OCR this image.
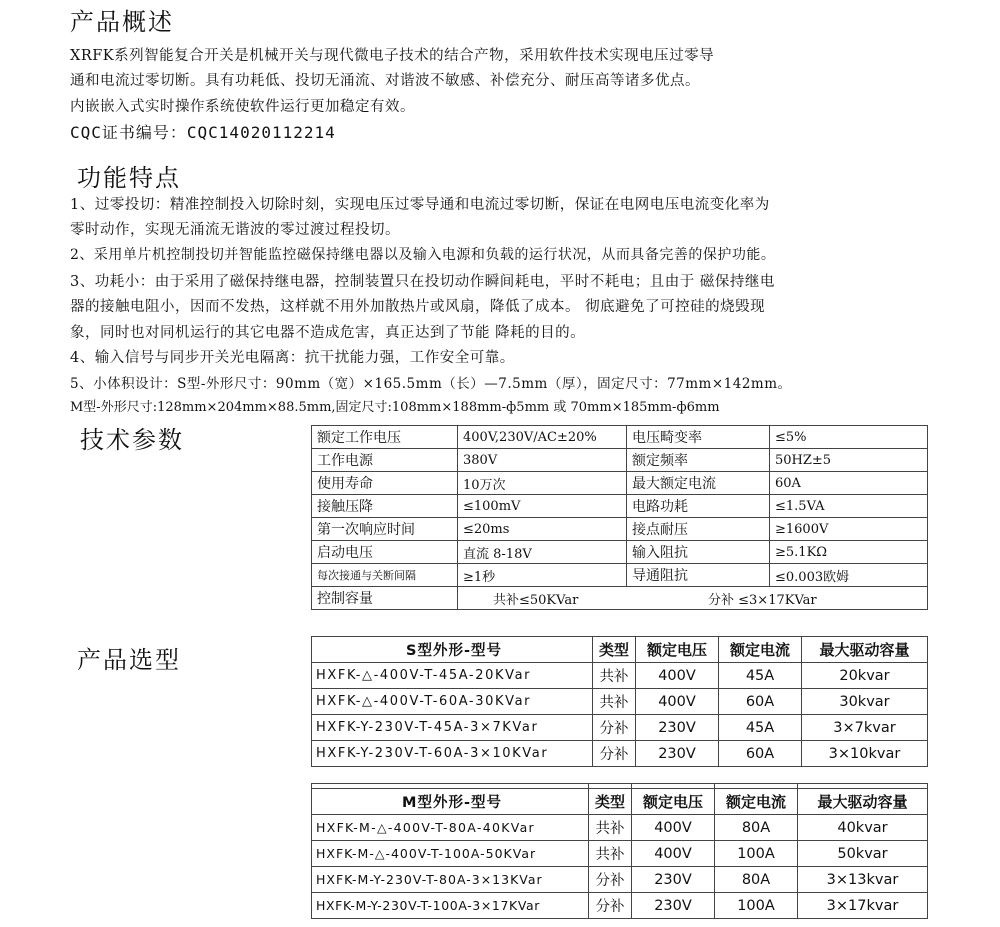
产品概述
XRFK系列智能复合开关是机械开关与现代微电子技术的结合产物，采用软件技术实现电压过零导
通和电流过零切断。具有功耗低、投切无涌流、对谐波不敏感、补偿充分、耐压高等诸多优点。
内嵌嵌入式实时操作系统使软件运行更加稳定有效。
CQC证书编号：CQC14020112214
功能特点
1、过零投切：精准控制投入切除时刻，实现电压过零导通和电流过零切断，保证在电网电压电流变化率为
零时动作，实现无涌流无谐波的零过渡过程投切。
2、采用单片机控制投切并智能监控磁保持继电器以及输入电源和负载的运行状况，从而具备完善的保护功能。
3、功耗小：由于采用了磁保持继电器，控制装置只在投切动作瞬间耗电，平时不耗电；且由于 磁保持继电
器的接触电阻小，因而不发热，这样就不用外加散热片或风扇，降低了成本。 彻底避免了可控硅的烧毁现
象，同时也对同机运行的其它电器不造成危害，真正达到了节能 降耗的目的。
4、输入信号与同步开关光电隔离：抗干扰能力强，工作安全可靠。
5、小体积设计：S型-外形尺寸：90mm（宽）×165.5mm（长）—7.5mm（厚），固定尺寸：77mm×142mm。
M型-外形尺寸:128mm×204mm×88.5mm,固定尺寸:108mm×188mm-ф5mm 或 70mm×185mm-ф6mm
技术参数	额定工作电压	400V,230V/AC±20%	电压畸变率	≤5%
工作电源	380V	额定频率	50HZ±5
使用寿命	10万次	最大额定电流	60A
接触压降	≤100mV	电路功耗	≤1.5VA
第一次响应时间	≤20ms	接点耐压	≥1600V
启动电压	直流 8-18V	输入阻抗	≥5.1KΩ
每次接通与关断间隔	≥1秒	导通阻抗	≤0.003欧姆
控制容量	共补≤50KVar 分补 ≤3×17KVar		
产品选型	S型外形-型号	类型	额定电压	额定电流	最大驱动容量
HXFK-△-400V-T-45A-20KVar	共补	400V	45A	20kvar
HXFK-△-400V-T-60A-30KVar	共补	400V	60A	30kvar
HXFK-Y-230V-T-45A-3×7KVar	分补	230V	45A	3×7kvar
HXFK-Y-230V-T-60A-3×10KVar	分补	230V	60A	3×10kvar

M型外形-型号	类型	额定电压	额定电流	最大驱动容量
HXFK-M-△-400V-T-80A-40KVar	共补	400V	80A	40kvar
HXFK-M-△-400V-T-100A-50KVar	共补	400V	100A	50kvar
HXFK-M-Y-230V-T-80A-3×13KVar	分补	230V	80A	3×13kvar
HXFK-M-Y-230V-T-100A-3×17KVar	分补	230V	100A	3×17kvar
